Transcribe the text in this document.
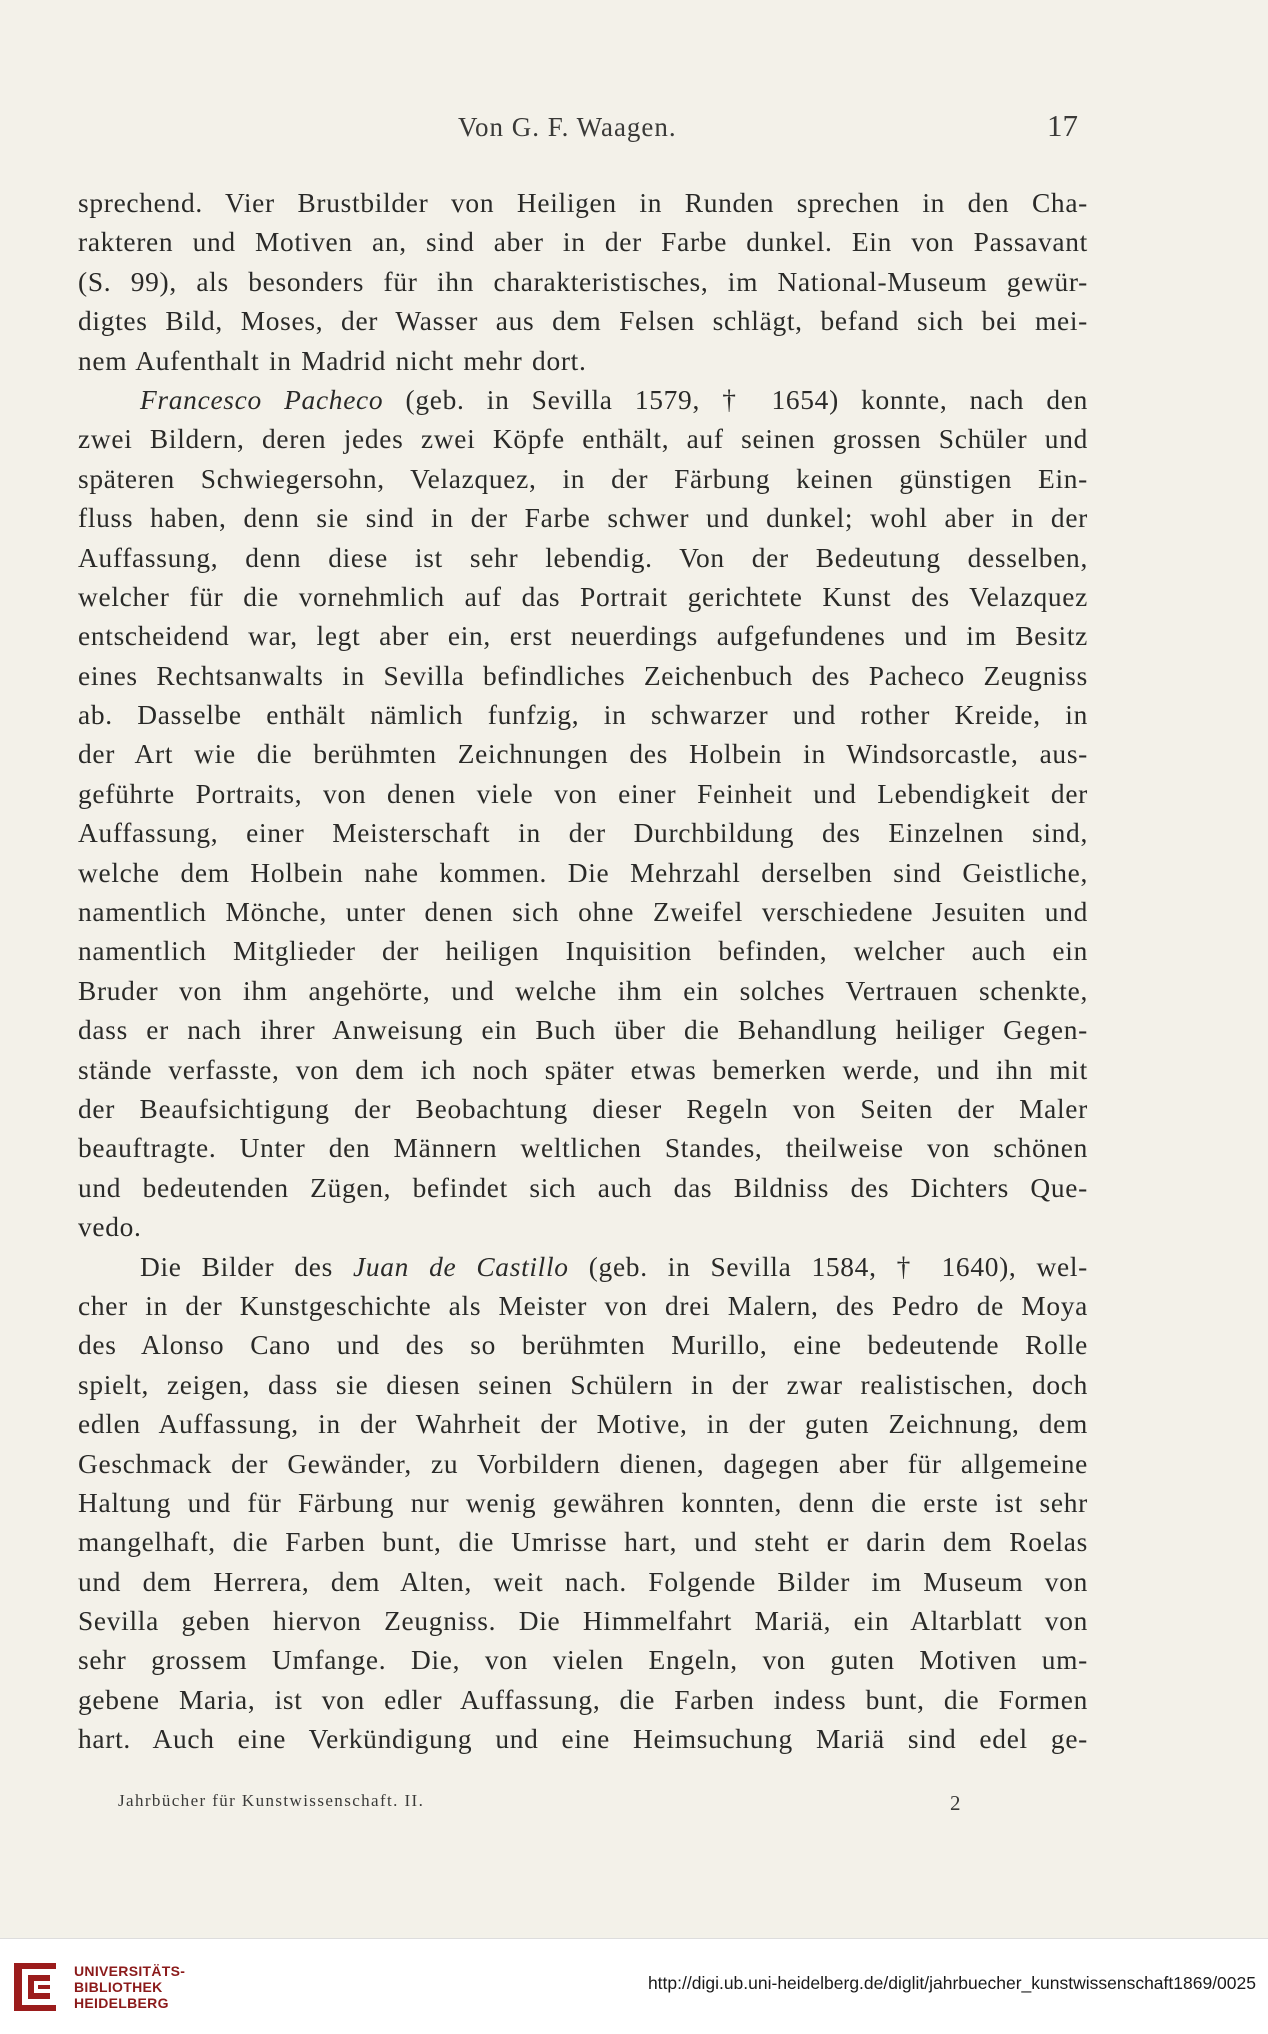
Von G. F. Waagen.	17
sprechend. Vier Brustbilder von Heiligen in Runden sprechen in den Cha-
rakteren und Motiven an, sind aber in der Farbe dunkel. Ein von Passavant
(S. 99), als besonders für ihn charakteristisches, im National-Museum gewür-
digtes Bild, Moses, der Wasser aus dem Felsen schlägt, befand sich bei mei-
nem Aufenthalt in Madrid nicht mehr dort.
Francesco Pacheco (geb. in Sevilla 1579, † 1654) konnte, nach den
zwei Bildern, deren jedes zwei Köpfe enthält, auf seinen grossen Schüler und
späteren Schwiegersohn, Velazquez, in der Färbung keinen günstigen Ein-
fluss haben, denn sie sind in der Farbe schwer und dunkel; wohl aber in der
Auffassung, denn diese ist sehr lebendig. Von der Bedeutung desselben,
welcher für die vornehmlich auf das Portrait gerichtete Kunst des Velazquez
entscheidend war, legt aber ein, erst neuerdings aufgefundenes und im Besitz
eines Rechtsanwalts in Sevilla befindliches Zeichenbuch des Pacheco Zeugniss
ab. Dasselbe enthält nämlich funfzig, in schwarzer und rother Kreide, in
der Art wie die berühmten Zeichnungen des Holbein in Windsorcastle, aus-
geführte Portraits, von denen viele von einer Feinheit und Lebendigkeit der
Auffassung, einer Meisterschaft in der Durchbildung des Einzelnen sind,
welche dem Holbein nahe kommen. Die Mehrzahl derselben sind Geistliche,
namentlich Mönche, unter denen sich ohne Zweifel verschiedene Jesuiten und
namentlich Mitglieder der heiligen Inquisition befinden, welcher auch ein
Bruder von ihm angehörte, und welche ihm ein solches Vertrauen schenkte,
dass er nach ihrer Anweisung ein Buch über die Behandlung heiliger Gegen-
stände verfasste, von dem ich noch später etwas bemerken werde, und ihn mit
der Beaufsichtigung der Beobachtung dieser Regeln von Seiten der Maler
beauftragte. Unter den Männern weltlichen Standes, theilweise von schönen
und bedeutenden Zügen, befindet sich auch das Bildniss des Dichters Que-
vedo.
Die Bilder des Juan de Castillo (geb. in Sevilla 1584, † 1640), wel-
cher in der Kunstgeschichte als Meister von drei Malern, des Pedro de Moya
des Alonso Cano und des so berühmten Murillo, eine bedeutende Rolle
spielt, zeigen, dass sie diesen seinen Schülern in der zwar realistischen, doch
edlen Auffassung, in der Wahrheit der Motive, in der guten Zeichnung, dem
Geschmack der Gewänder, zu Vorbildern dienen, dagegen aber für allgemeine
Haltung und für Färbung nur wenig gewähren konnten, denn die erste ist sehr
mangelhaft, die Farben bunt, die Umrisse hart, und steht er darin dem Roelas
und dem Herrera, dem Alten, weit nach. Folgende Bilder im Museum von
Sevilla geben hiervon Zeugniss. Die Himmelfahrt Mariä, ein Altarblatt von
sehr grossem Umfange. Die, von vielen Engeln, von guten Motiven um-
gebene Maria, ist von edler Auffassung, die Farben indess bunt, die Formen
hart. Auch eine Verkündigung und eine Heimsuchung Mariä sind edel ge-
Jahrbücher für Kunstwissenschaft. II.	2
UNIVERSITÄTS-
BIBLIOTHEK
HEIDELBERG
http://digi.ub.uni-heidelberg.de/diglit/jahrbuecher_kunstwissenschaft1869/0025
